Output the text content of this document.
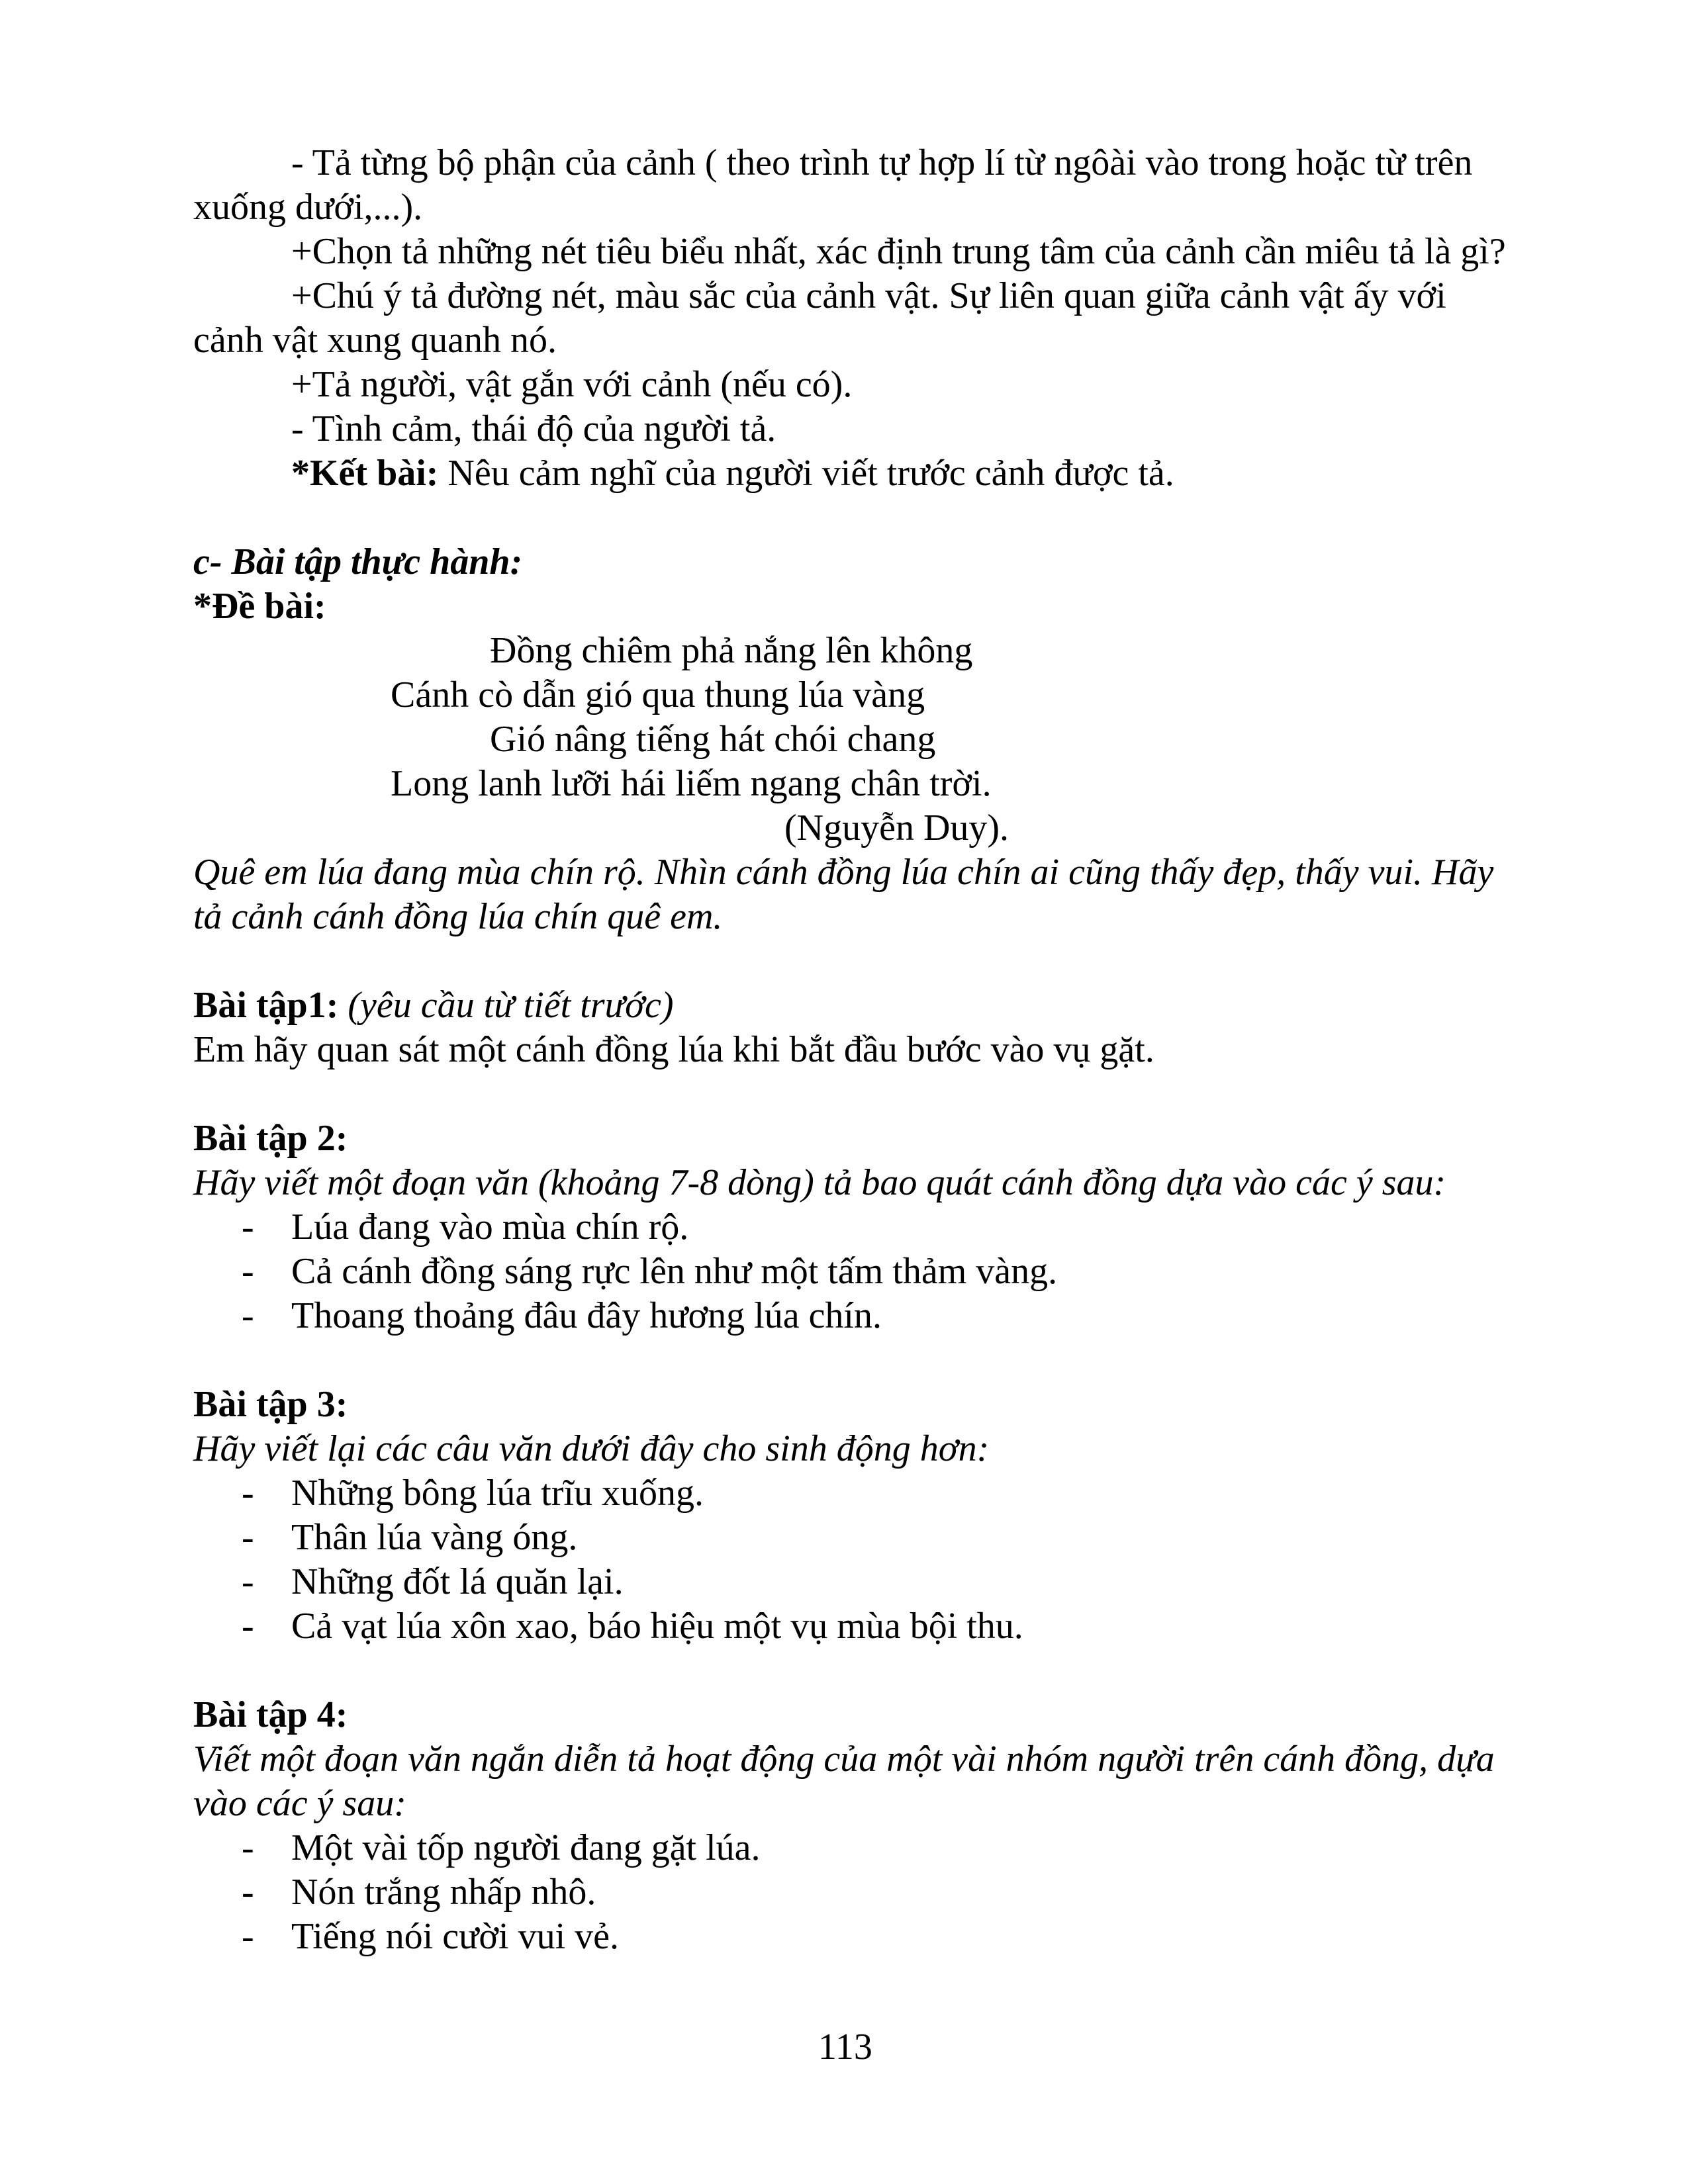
- Tả từng bộ phận của cảnh ( theo trình tự hợp lí từ ngôài vào trong hoặc từ trên
xuống dưới,...).
+Chọn tả những nét tiêu biểu nhất, xác định trung tâm của cảnh cần miêu tả là gì?
+Chú ý tả đường nét, màu sắc của cảnh vật. Sự liên quan giữa cảnh vật ấy với
cảnh vật xung quanh nó.
+Tả người, vật gắn với cảnh (nếu có).
- Tình cảm, thái độ của người tả.
*Kết bài: Nêu cảm nghĩ của người viết trước cảnh được tả.
c- Bài tập thực hành:
*Đề bài:
Đồng chiêm phả nắng lên không
Cánh cò dẫn gió qua thung lúa vàng
Gió nâng tiếng hát chói chang
Long lanh lưỡi hái liếm ngang chân trời.
(Nguyễn Duy).
Quê em lúa đang mùa chín rộ. Nhìn cánh đồng lúa chín ai cũng thấy đẹp, thấy vui. Hãy
tả cảnh cánh đồng lúa chín quê em.
Bài tập1: (yêu cầu từ tiết trước)
Em hãy quan sát một cánh đồng lúa khi bắt đầu bước vào vụ gặt.
Bài tập 2:
Hãy viết một đoạn văn (khoảng 7-8 dòng) tả bao quát cánh đồng dựa vào các ý sau:
- Lúa đang vào mùa chín rộ.
- Cả cánh đồng sáng rực lên như một tấm thảm vàng.
- Thoang thoảng đâu đây hương lúa chín.
Bài tập 3:
Hãy viết lại các câu văn dưới đây cho sinh động hơn:
- Những bông lúa trĩu xuống.
- Thân lúa vàng óng.
- Những đốt lá quăn lại.
- Cả vạt lúa xôn xao, báo hiệu một vụ mùa bội thu.
Bài tập 4:
Viết một đoạn văn ngắn diễn tả hoạt động của một vài nhóm người trên cánh đồng, dựa
vào các ý sau:
- Một vài tốp người đang gặt lúa.
- Nón trắng nhấp nhô.
- Tiếng nói cười vui vẻ.
113
